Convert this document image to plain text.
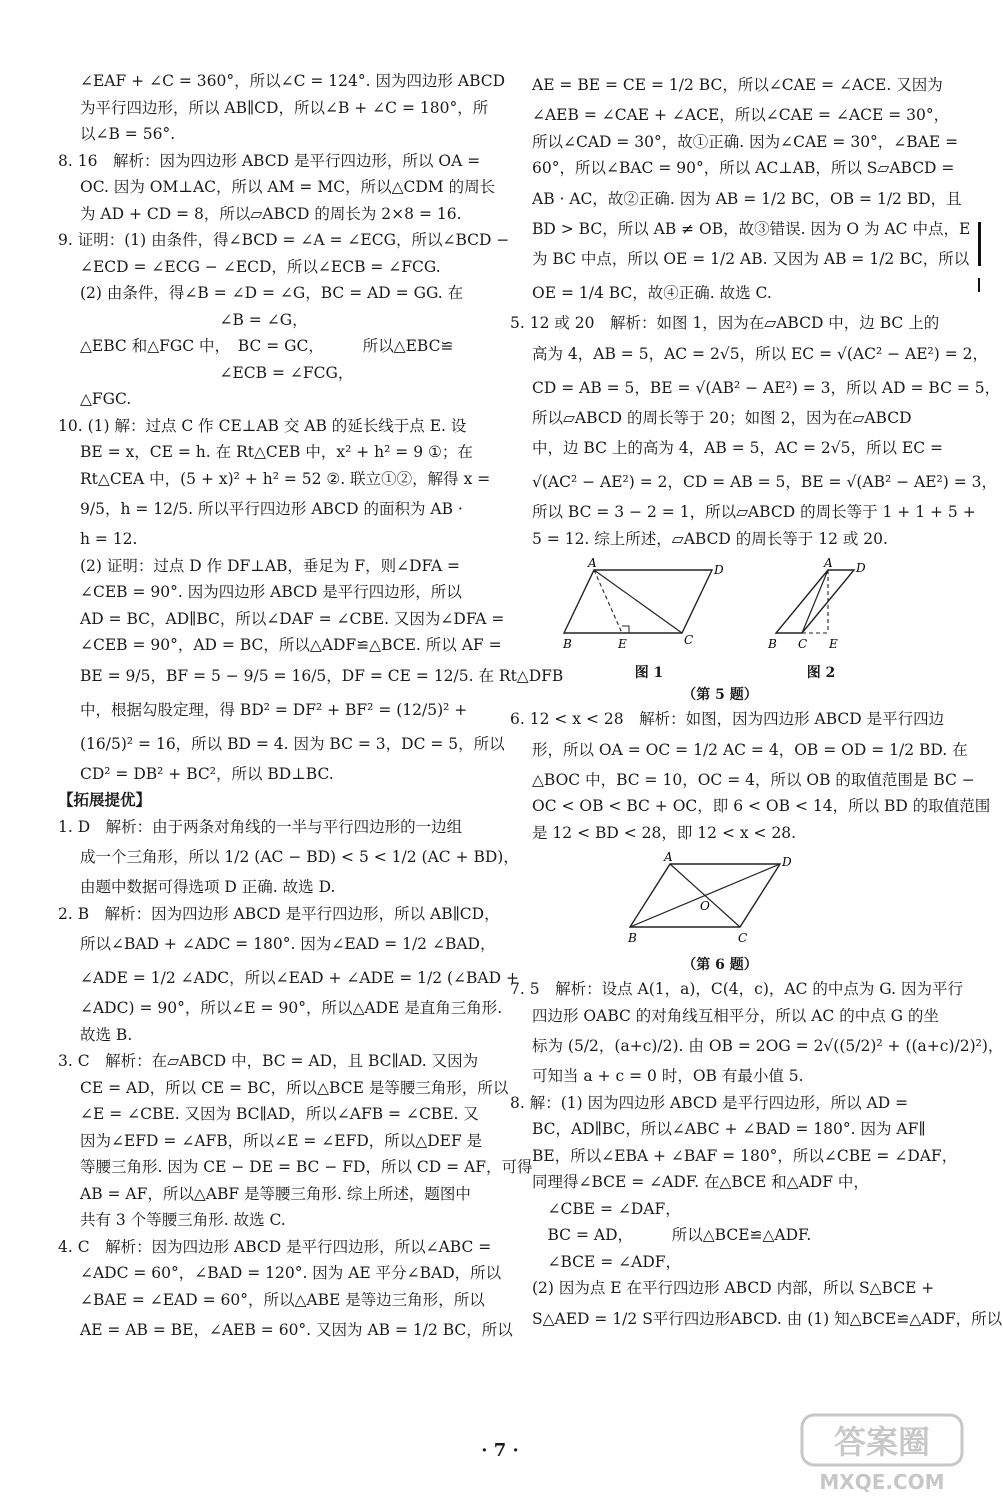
∠EAF + ∠C = 360°，所以∠C = 124°. 因为四边形 ABCD
为平行四边形，所以 AB∥CD，所以∠B + ∠C = 180°，所
以∠B = 56°.
8. 16　解析：因为四边形 ABCD 是平行四边形，所以 OA =
OC. 因为 OM⊥AC，所以 AM = MC，所以△CDM 的周长
为 AD + CD = 8，所以▱ABCD 的周长为 2×8 = 16.
9. 证明：(1) 由条件，得∠BCD = ∠A = ∠ECG，所以∠BCD −
∠ECD = ∠ECG − ∠ECD，所以∠ECB = ∠FCG.
(2) 由条件，得∠B = ∠D = ∠G，BC = AD = GG. 在
　　　　　　　　　∠B = ∠G，
△EBC 和△FGC 中，　BC = GC，　　　所以△EBC≌
　　　　　　　　　∠ECB = ∠FCG，
△FGC.
10. (1) 解：过点 C 作 CE⊥AB 交 AB 的延长线于点 E. 设
BE = x，CE = h. 在 Rt△CEB 中，x² + h² = 9 ①；在
Rt△CEA 中，(5 + x)² + h² = 52 ②. 联立①②，解得 x =
9/5，h = 12/5. 所以平行四边形 ABCD 的面积为 AB ·
h = 12.
(2) 证明：过点 D 作 DF⊥AB，垂足为 F，则∠DFA =
∠CEB = 90°. 因为四边形 ABCD 是平行四边形，所以
AD = BC，AD∥BC，所以∠DAF = ∠CBE. 又因为∠DFA =
∠CEB = 90°，AD = BC，所以△ADF≌△BCE. 所以 AF =
BE = 9/5，BF = 5 − 9/5 = 16/5，DF = CE = 12/5. 在 Rt△DFB
中，根据勾股定理，得 BD² = DF² + BF² = (12/5)² +
(16/5)² = 16，所以 BD = 4. 因为 BC = 3，DC = 5，所以
CD² = DB² + BC²，所以 BD⊥BC.
【拓展提优】
1. D　解析：由于两条对角线的一半与平行四边形的一边组
成一个三角形，所以 1/2 (AC − BD) < 5 < 1/2 (AC + BD)，
由题中数据可得选项 D 正确. 故选 D.
2. B　解析：因为四边形 ABCD 是平行四边形，所以 AB∥CD，
所以∠BAD + ∠ADC = 180°. 因为∠EAD = 1/2 ∠BAD，
∠ADE = 1/2 ∠ADC，所以∠EAD + ∠ADE = 1/2 (∠BAD +
∠ADC) = 90°，所以∠E = 90°，所以△ADE 是直角三角形.
故选 B.
3. C　解析：在▱ABCD 中，BC = AD，且 BC∥AD. 又因为
CE = AD，所以 CE = BC，所以△BCE 是等腰三角形，所以
∠E = ∠CBE. 又因为 BC∥AD，所以∠AFB = ∠CBE. 又
因为∠EFD = ∠AFB，所以∠E = ∠EFD，所以△DEF 是
等腰三角形. 因为 CE − DE = BC − FD，所以 CD = AF，可得
AB = AF，所以△ABF 是等腰三角形. 综上所述，题图中
共有 3 个等腰三角形. 故选 C.
4. C　解析：因为四边形 ABCD 是平行四边形，所以∠ABC =
∠ADC = 60°，∠BAD = 120°. 因为 AE 平分∠BAD，所以
∠BAE = ∠EAD = 60°，所以△ABE 是等边三角形，所以
AE = AB = BE，∠AEB = 60°. 又因为 AB = 1/2 BC，所以
AE = BE = CE = 1/2 BC，所以∠CAE = ∠ACE. 又因为
∠AEB = ∠CAE + ∠ACE，所以∠CAE = ∠ACE = 30°，
所以∠CAD = 30°，故①正确. 因为∠CAE = 30°，∠BAE =
60°，所以∠BAC = 90°，所以 AC⊥AB，所以 S▱ABCD =
AB · AC，故②正确. 因为 AB = 1/2 BC，OB = 1/2 BD，且
BD > BC，所以 AB ≠ OB，故③错误. 因为 O 为 AC 中点，E
为 BC 中点，所以 OE = 1/2 AB. 又因为 AB = 1/2 BC，所以
OE = 1/4 BC，故④正确. 故选 C.
5. 12 或 20　解析：如图 1，因为在▱ABCD 中，边 BC 上的
高为 4，AB = 5，AC = 2√5，所以 EC = √(AC² − AE²) = 2，
CD = AB = 5，BE = √(AB² − AE²) = 3，所以 AD = BC = 5，
所以▱ABCD 的周长等于 20；如图 2，因为在▱ABCD
中，边 BC 上的高为 4，AB = 5，AC = 2√5，所以 EC =
√(AC² − AE²) = 2，CD = AB = 5，BE = √(AB² − AE²) = 3，
所以 BC = 3 − 2 = 1，所以▱ABCD 的周长等于 1 + 1 + 5 +
5 = 12. 综上所述，▱ABCD 的周长等于 12 或 20.
A	D
B	E	C
图 1
A D
B C E
图 2
（第 5 题）
6. 12 < x < 28　解析：如图，因为四边形 ABCD 是平行四边
形，所以 OA = OC = 1/2 AC = 4，OB = OD = 1/2 BD. 在
△BOC 中，BC = 10，OC = 4，所以 OB 的取值范围是 BC −
OC < OB < BC + OC，即 6 < OB < 14，所以 BD 的取值范围
是 12 < BD < 28，即 12 < x < 28.
A	D
B	C
O
（第 6 题）
7. 5　解析：设点 A(1，a)，C(4，c)，AC 的中点为 G. 因为平行
四边形 OABC 的对角线互相平分，所以 AC 的中点 G 的坐
标为 (5/2，(a+c)/2). 由 OB = 2OG = 2√((5/2)² + ((a+c)/2)²)，
可知当 a + c = 0 时，OB 有最小值 5.
8. 解：(1) 因为四边形 ABCD 是平行四边形，所以 AD =
BC，AD∥BC，所以∠ABC + ∠BAD = 180°. 因为 AF∥
BE，所以∠EBA + ∠BAF = 180°，所以∠CBE = ∠DAF，
同理得∠BCE = ∠ADF. 在△BCE 和△ADF 中，
　∠CBE = ∠DAF，
　BC = AD，　　　所以△BCE≌△ADF.
　∠BCE = ∠ADF，
(2) 因为点 E 在平行四边形 ABCD 内部，所以 S△BCE +
S△AED = 1/2 S平行四边形ABCD. 由 (1) 知△BCE≌△ADF，所以
· 7 ·	答案圈
MXQE.COM
